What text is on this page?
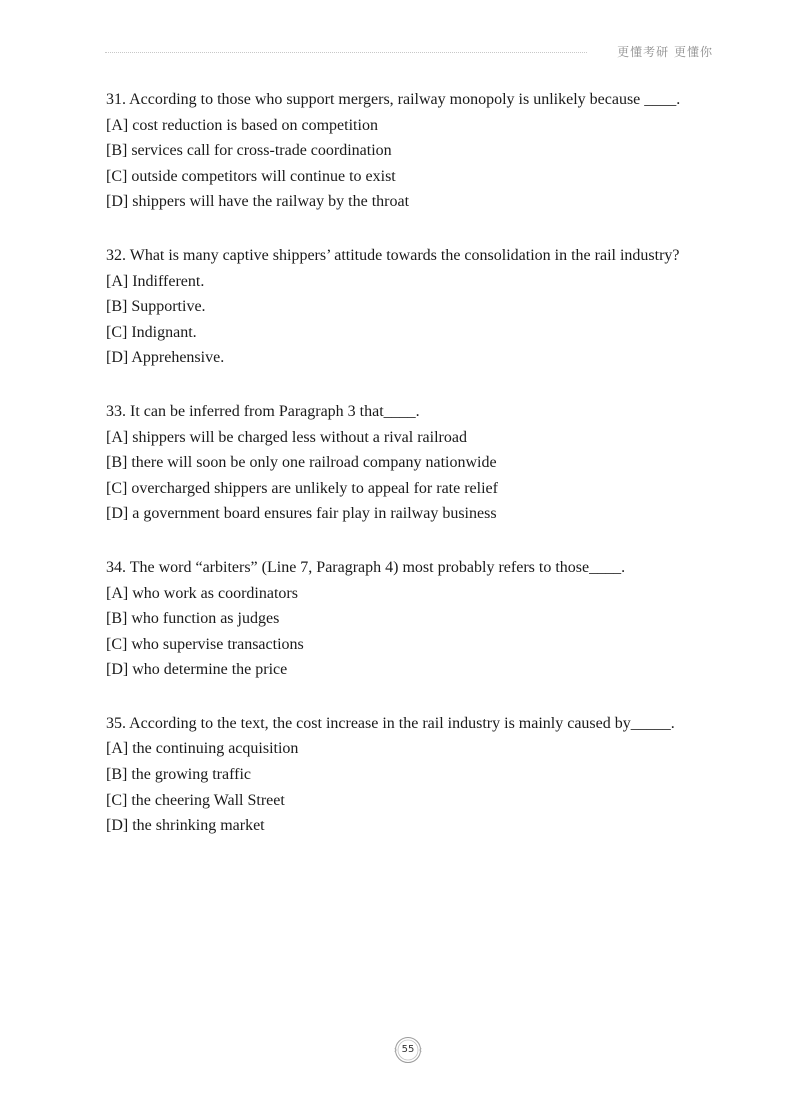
更懂考研 更懂你
31. According to those who support mergers, railway monopoly is unlikely because ____.
[A] cost reduction is based on competition
[B] services call for cross-trade coordination
[C] outside competitors will continue to exist
[D] shippers will have the railway by the throat
32. What is many captive shippers’ attitude towards the consolidation in the rail industry?
[A] Indifferent.
[B] Supportive.
[C] Indignant.
[D] Apprehensive.
33. It can be inferred from Paragraph 3 that____.
[A] shippers will be charged less without a rival railroad
[B] there will soon be only one railroad company nationwide
[C] overcharged shippers are unlikely to appeal for rate relief
[D] a government board ensures fair play in railway business
34. The word “arbiters” (Line 7, Paragraph 4) most probably refers to those____.
[A] who work as coordinators
[B] who function as judges
[C] who supervise transactions
[D] who determine the price
35. According to the text, the cost increase in the rail industry is mainly caused by_____.
[A] the continuing acquisition
[B] the growing traffic
[C] the cheering Wall Street
[D] the shrinking market
55
